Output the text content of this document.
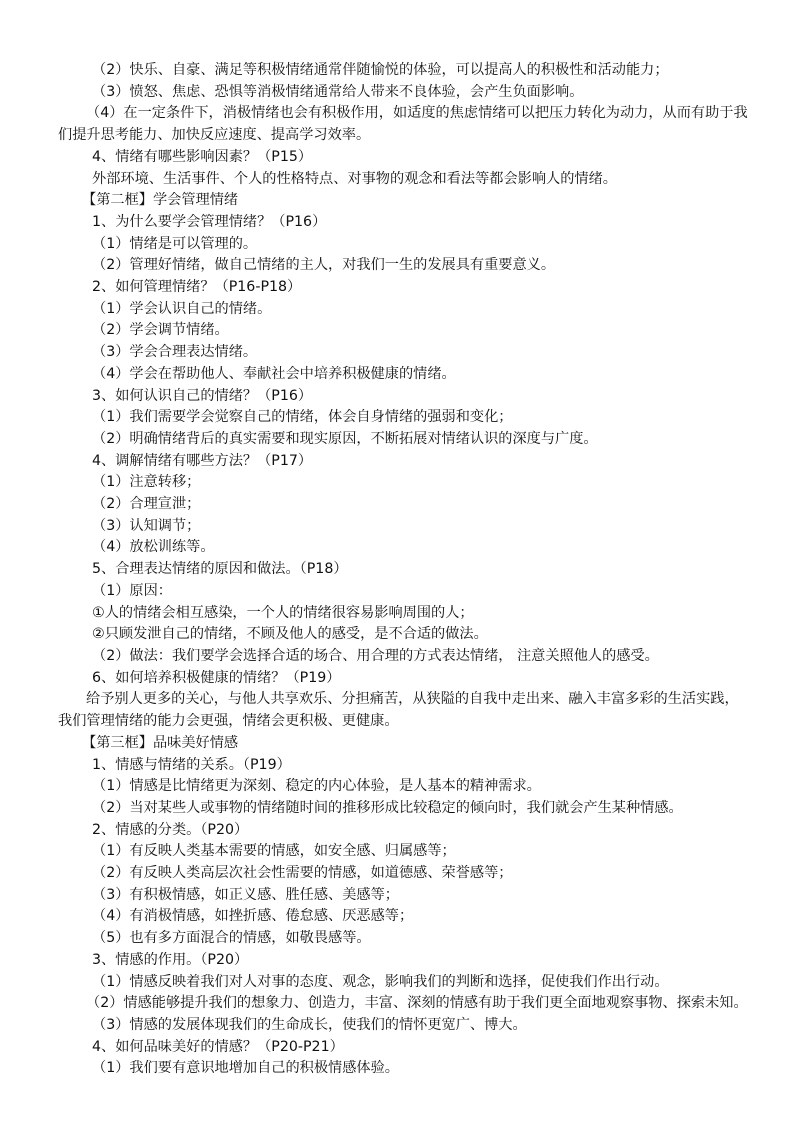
（2）快乐、自豪、满足等积极情绪通常伴随愉悦的体验，可以提高人的积极性和活动能力；

（3）愤怒、焦虑、恐惧等消极情绪通常给人带来不良体验，会产生负面影响。

（4）在一定条件下，消极情绪也会有积极作用，如适度的焦虑情绪可以把压力转化为动力，从而有助于我们提升思考能力、加快反应速度、提高学习效率。

4、情绪有哪些影响因素？（P15）

外部环境、生活事件、个人的性格特点、对事物的观念和看法等都会影响人的情绪。

【第二框】学会管理情绪

1、为什么要学会管理情绪？（P16）

（1）情绪是可以管理的。

（2）管理好情绪，做自己情绪的主人，对我们一生的发展具有重要意义。

2、如何管理情绪？（P16-P18）

（1）学会认识自己的情绪。

（2）学会调节情绪。

（3）学会合理表达情绪。

（4）学会在帮助他人、奉献社会中培养积极健康的情绪。

3、如何认识自己的情绪？（P16）

（1）我们需要学会觉察自己的情绪，体会自身情绪的强弱和变化；

（2）明确情绪背后的真实需要和现实原因，不断拓展对情绪认识的深度与广度。

4、调解情绪有哪些方法？（P17）

（1）注意转移；

（2）合理宣泄；

（3）认知调节；

（4）放松训练等。

5、合理表达情绪的原因和做法。（P18）

（1）原因：

①人的情绪会相互感染，一个人的情绪很容易影响周围的人；

②只顾发泄自己的情绪，不顾及他人的感受，是不合适的做法。

（2）做法：我们要学会选择合适的场合、用合理的方式表达情绪， 注意关照他人的感受。

6、如何培养积极健康的情绪？（P19）

给予别人更多的关心，与他人共享欢乐、分担痛苦，从狭隘的自我中走出来、融入丰富多彩的生活实践，我们管理情绪的能力会更强，情绪会更积极、更健康。

【第三框】品味美好情感

1、情感与情绪的关系。（P19）

（1）情感是比情绪更为深刻、稳定的内心体验，是人基本的精神需求。

（2）当对某些人或事物的情绪随时间的推移形成比较稳定的倾向时，我们就会产生某种情感。

2、情感的分类。（P20）

（1）有反映人类基本需要的情感，如安全感、归属感等；

（2）有反映人类高层次社会性需要的情感，如道德感、荣誉感等；

（3）有积极情感，如正义感、胜任感、美感等；

（4）有消极情感，如挫折感、倦怠感、厌恶感等；

（5）也有多方面混合的情感，如敬畏感等。

3、情感的作用。（P20）

（1）情感反映着我们对人对事的态度、观念，影响我们的判断和选择，促使我们作出行动。

（2）情感能够提升我们的想象力、创造力，丰富、深刻的情感有助于我们更全面地观察事物、探索未知。

（3）情感的发展体现我们的生命成长，使我们的情怀更宽广、博大。

4、如何品味美好的情感？（P20-P21）

（1）我们要有意识地增加自己的积极情感体验。
